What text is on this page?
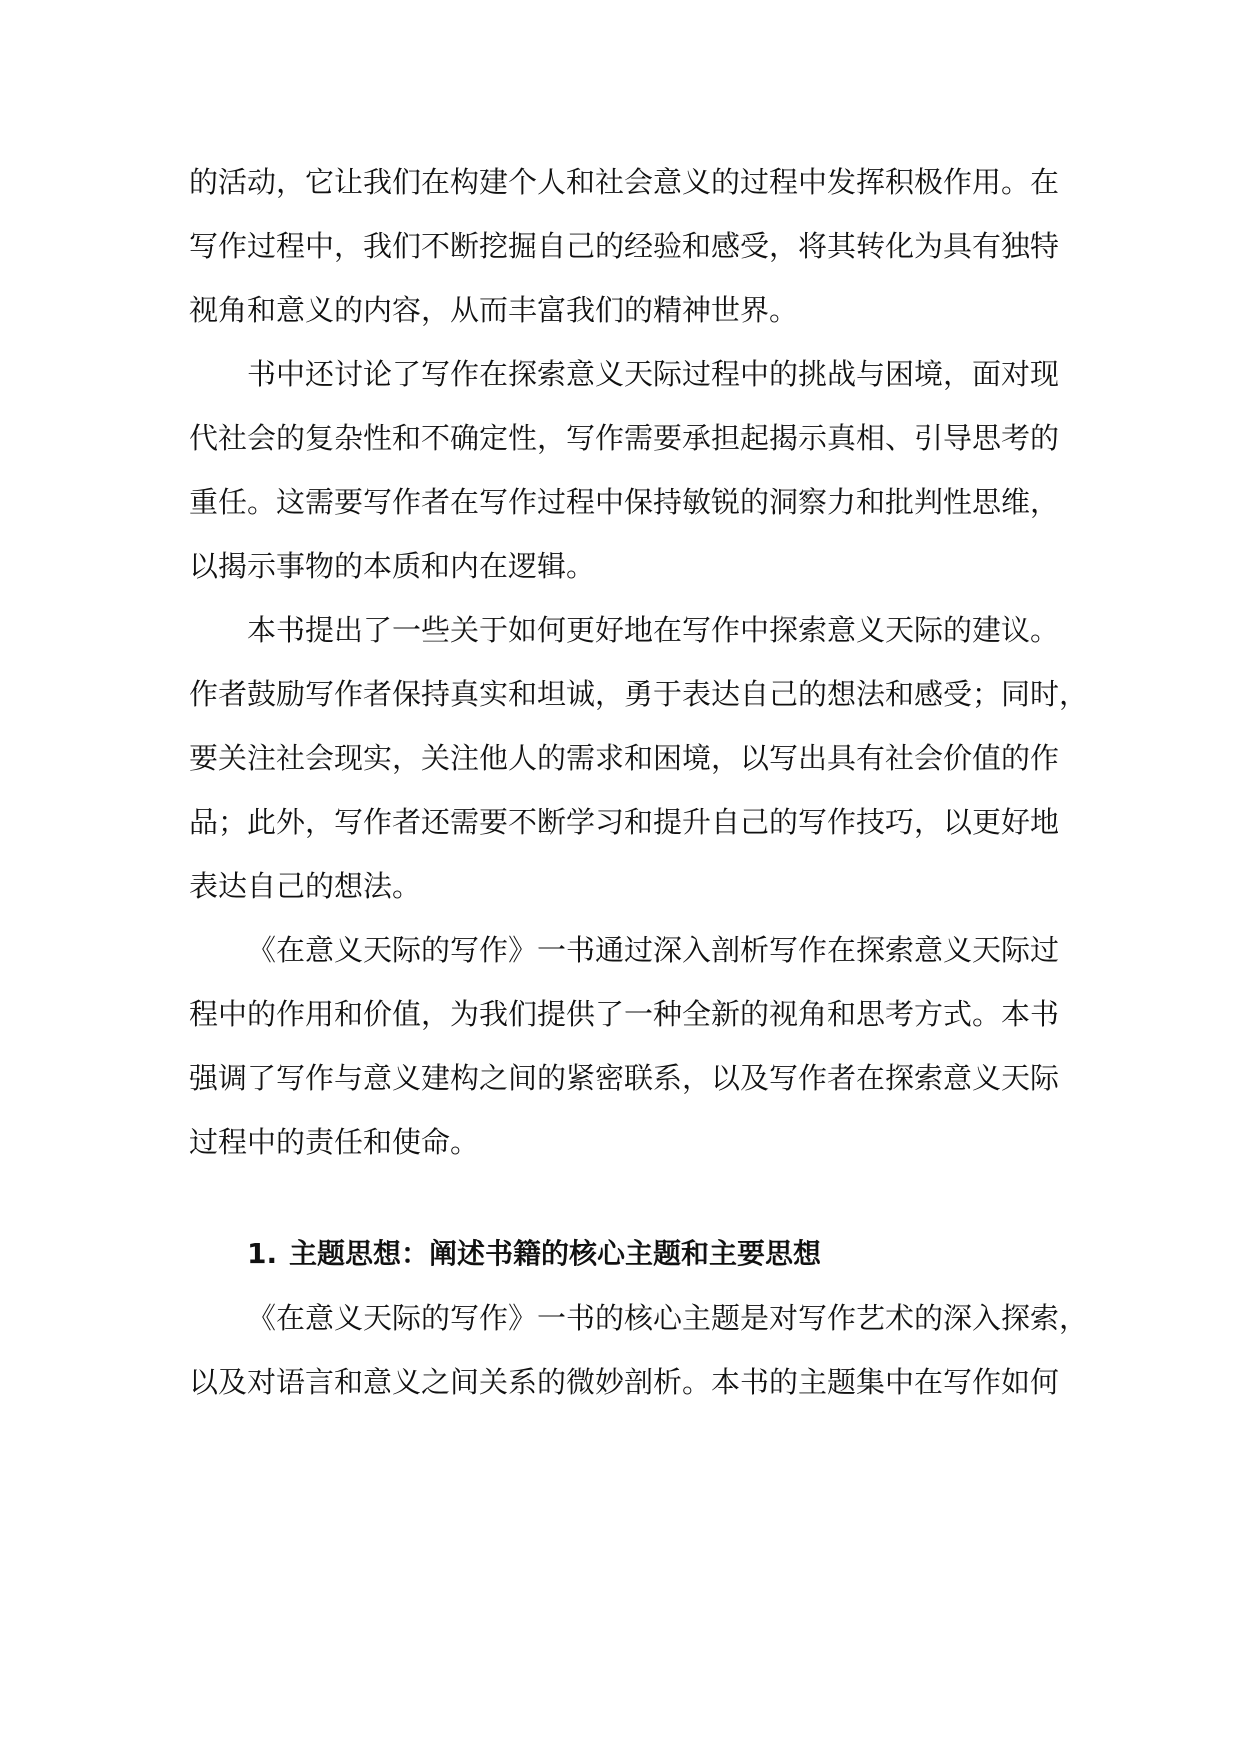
的活动，它让我们在构建个人和社会意义的过程中发挥积极作用。在
写作过程中，我们不断挖掘自己的经验和感受，将其转化为具有独特
视角和意义的内容，从而丰富我们的精神世界。

书中还讨论了写作在探索意义天际过程中的挑战与困境，面对现
代社会的复杂性和不确定性，写作需要承担起揭示真相、引导思考的
重任。这需要写作者在写作过程中保持敏锐的洞察力和批判性思维，
以揭示事物的本质和内在逻辑。

本书提出了一些关于如何更好地在写作中探索意义天际的建议。
作者鼓励写作者保持真实和坦诚，勇于表达自己的想法和感受；同时，
要关注社会现实，关注他人的需求和困境，以写出具有社会价值的作
品；此外，写作者还需要不断学习和提升自己的写作技巧，以更好地
表达自己的想法。

《在意义天际的写作》一书通过深入剖析写作在探索意义天际过
程中的作用和价值，为我们提供了一种全新的视角和思考方式。本书
强调了写作与意义建构之间的紧密联系，以及写作者在探索意义天际
过程中的责任和使命。

1. 主题思想：阐述书籍的核心主题和主要思想

《在意义天际的写作》一书的核心主题是对写作艺术的深入探索，
以及对语言和意义之间关系的微妙剖析。本书的主题集中在写作如何
